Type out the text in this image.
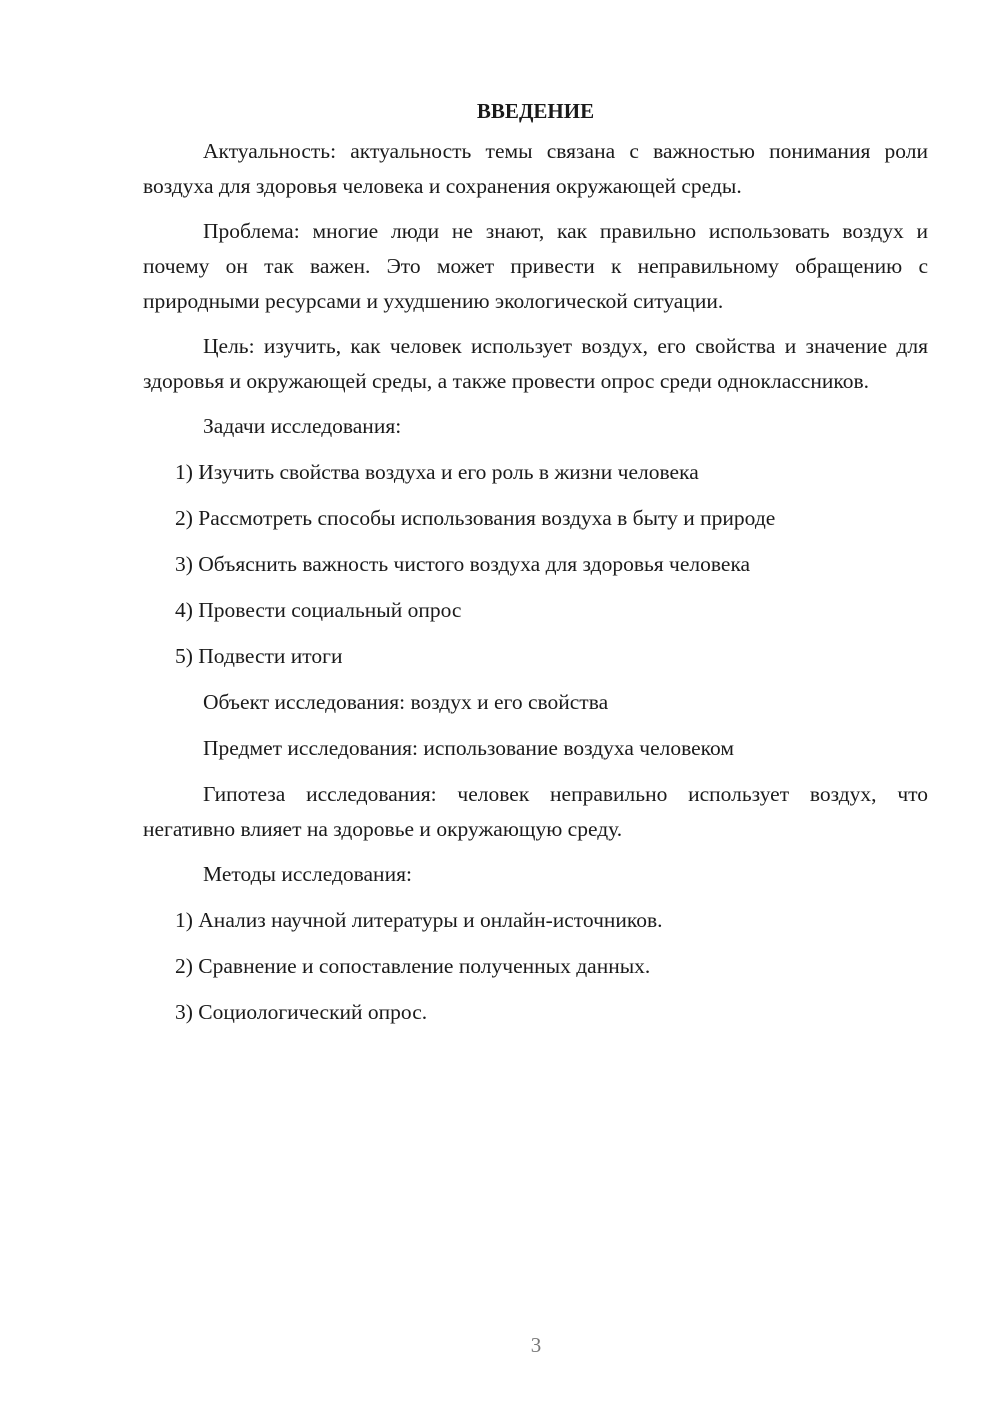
ВВЕДЕНИЕ

Актуальность: актуальность темы связана с важностью понимания роли воздуха для здоровья человека и сохранения окружающей среды.

Проблема: многие люди не знают, как правильно использовать воздух и почему он так важен. Это может привести к неправильному обращению с природными ресурсами и ухудшению экологической ситуации.

Цель: изучить, как человек использует воздух, его свойства и значение для здоровья и окружающей среды, а также провести опрос среди одноклассников.

Задачи исследования:

1) Изучить свойства воздуха и его роль в жизни человека

2) Рассмотреть способы использования воздуха в быту и природе

3) Объяснить важность чистого воздуха для здоровья человека

4) Провести социальный опрос

5) Подвести итоги

Объект исследования: воздух и его свойства

Предмет исследования: использование воздуха человеком

Гипотеза исследования: человек неправильно использует воздух, что негативно влияет на здоровье и окружающую среду.

Методы исследования:

1) Анализ научной литературы и онлайн-источников.

2) Сравнение и сопоставление полученных данных.

3) Социологический опрос.

3
